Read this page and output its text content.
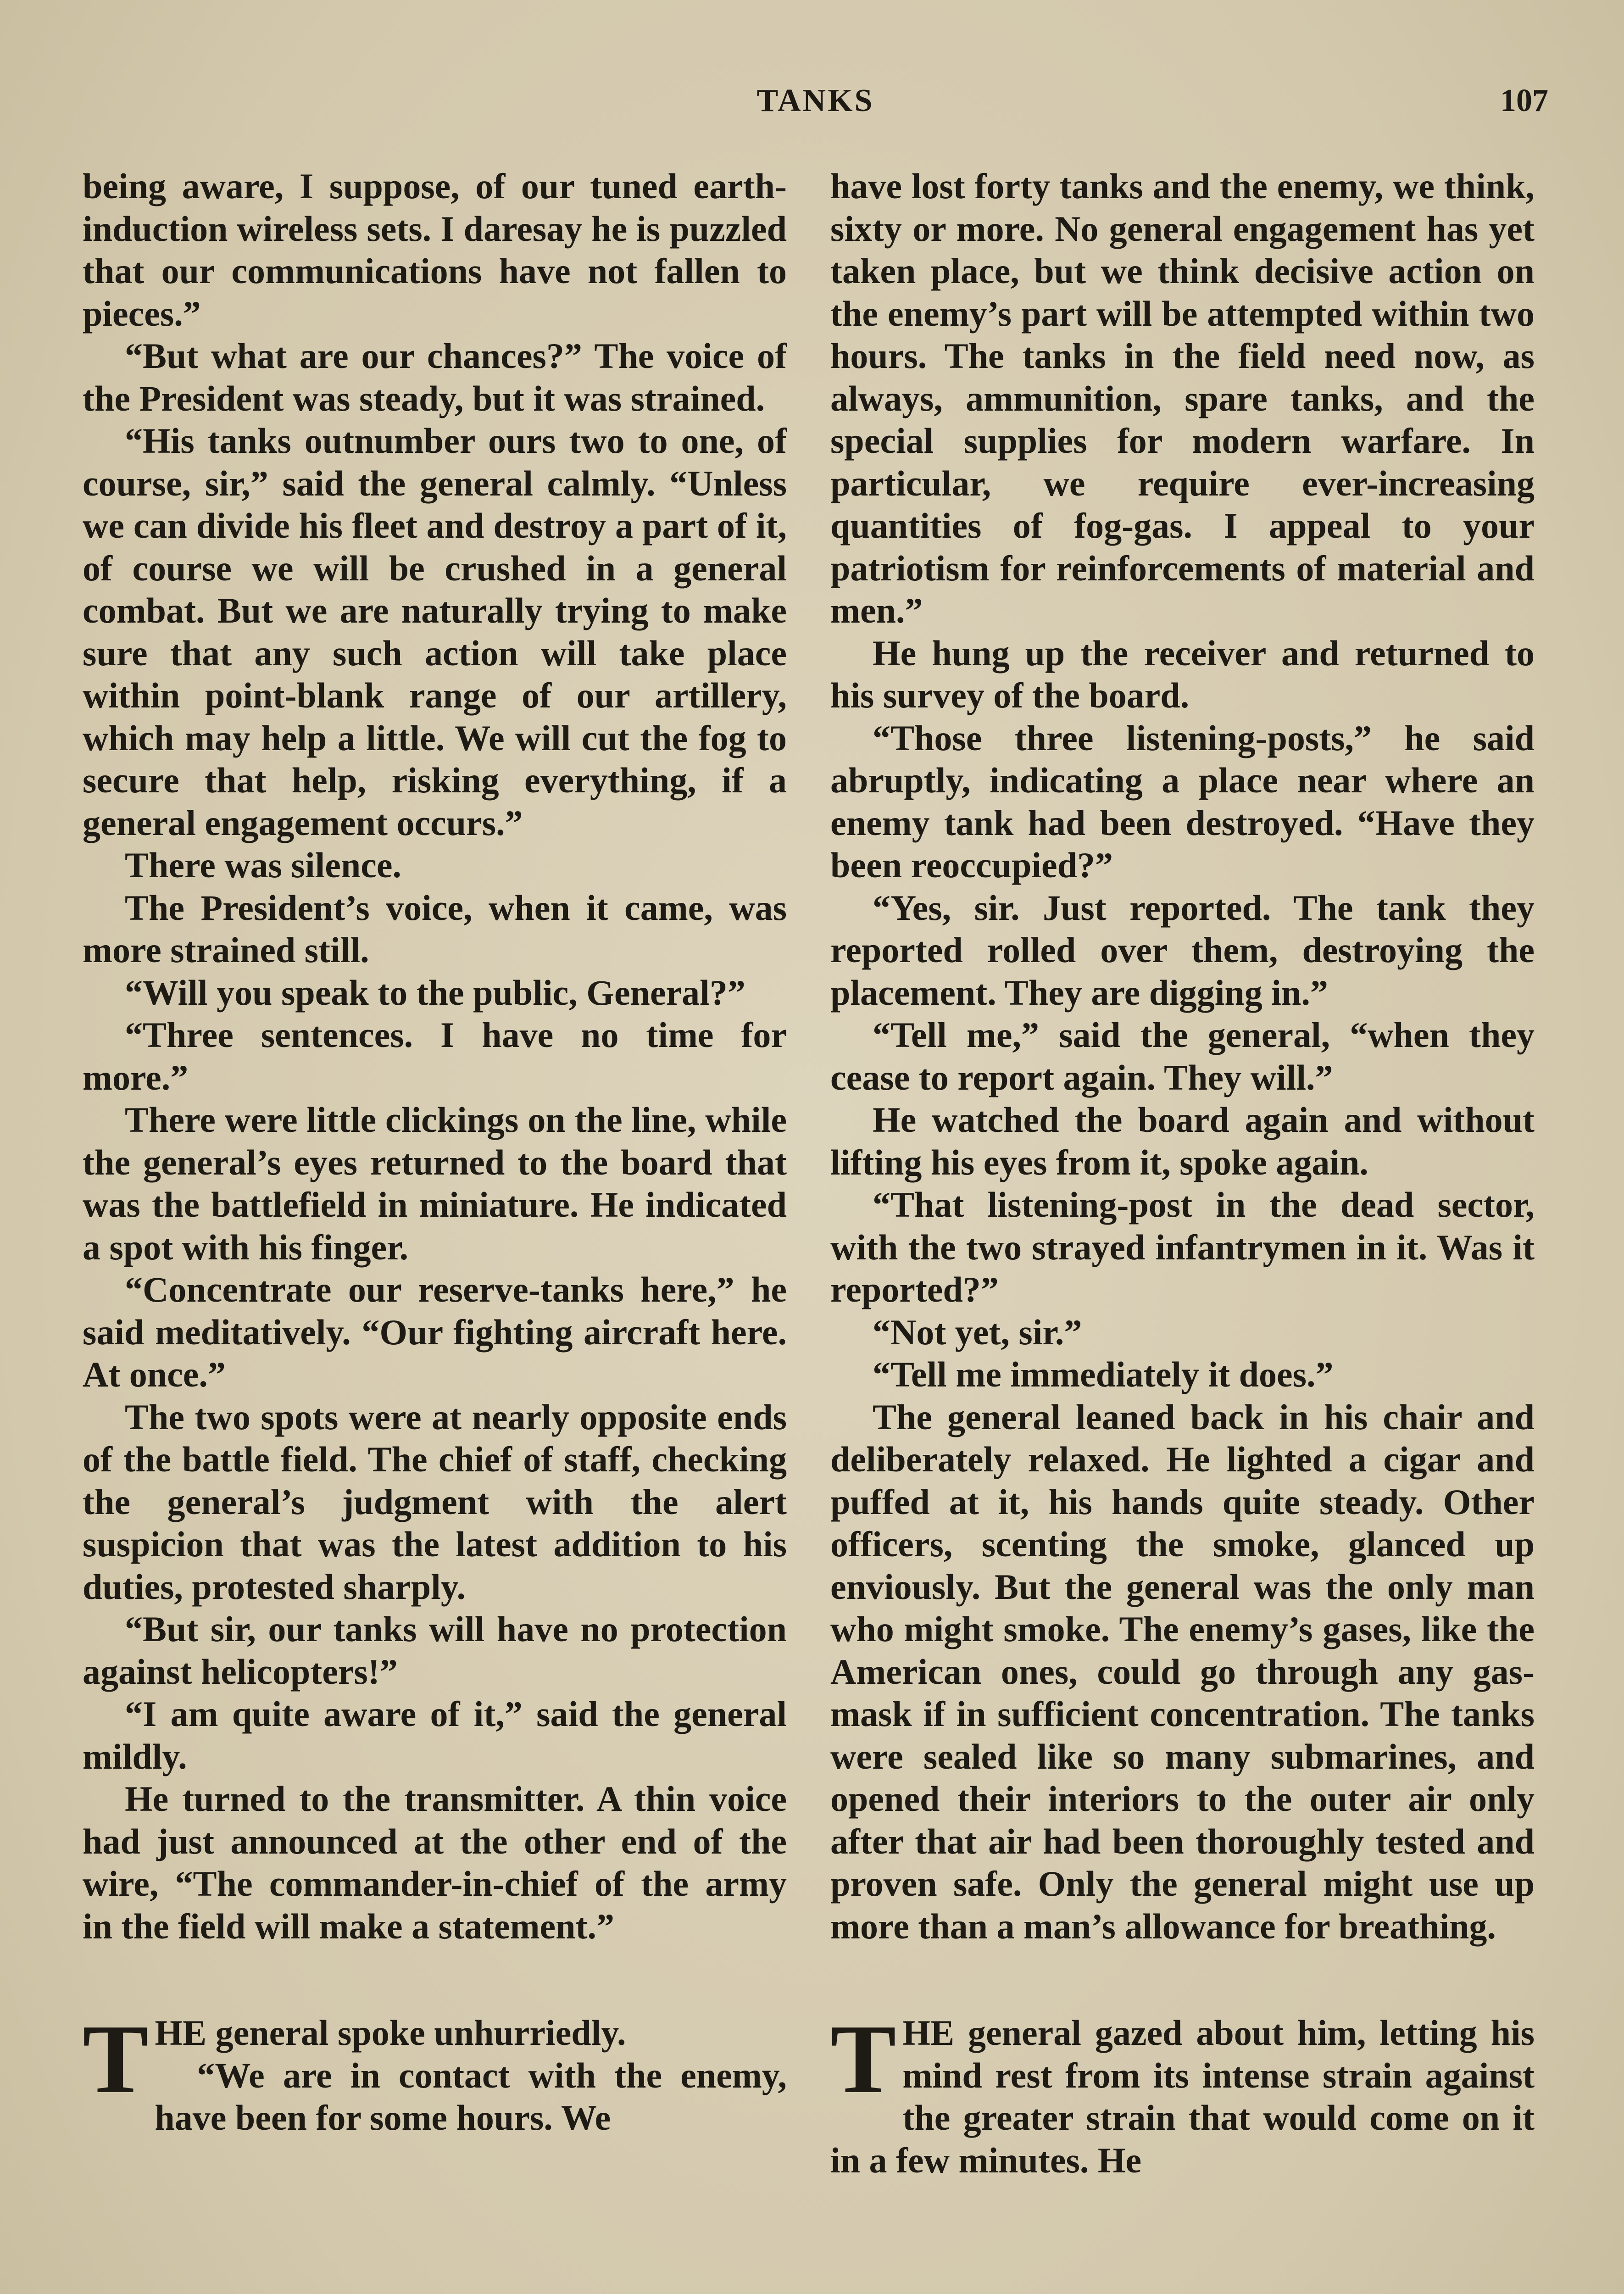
TANKS	107

being aware, I suppose, of our tuned earth-induction wireless sets. I daresay he is puzzled that our communications have not fallen to pieces.”

“But what are our chances?” The voice of the President was steady, but it was strained.

“His tanks outnumber ours two to one, of course, sir,” said the general calmly. “Unless we can divide his fleet and destroy a part of it, of course we will be crushed in a general combat. But we are naturally trying to make sure that any such action will take place within point-blank range of our artillery, which may help a little. We will cut the fog to secure that help, risking everything, if a general engagement occurs.”

There was silence.

The President’s voice, when it came, was more strained still.

“Will you speak to the public, General?”

“Three sentences. I have no time for more.”

There were little clickings on the line, while the general’s eyes returned to the board that was the battlefield in miniature. He indicated a spot with his finger.

“Concentrate our reserve-tanks here,” he said meditatively. “Our fighting aircraft here. At once.”

The two spots were at nearly opposite ends of the battle field. The chief of staff, checking the general’s judgment with the alert suspicion that was the latest addition to his duties, protested sharply.

“But sir, our tanks will have no protection against helicopters!”

“I am quite aware of it,” said the general mildly.

He turned to the transmitter. A thin voice had just announced at the other end of the wire, “The commander-in-chief of the army in the field will make a statement.”

THE general spoke unhurriedly.

“We are in contact with the enemy, have been for some hours. We

have lost forty tanks and the enemy, we think, sixty or more. No general engagement has yet taken place, but we think decisive action on the enemy’s part will be attempted within two hours. The tanks in the field need now, as always, ammunition, spare tanks, and the special supplies for modern warfare. In particular, we require ever-increasing quantities of fog-gas. I appeal to your patriotism for reinforcements of material and men.”

He hung up the receiver and returned to his survey of the board.

“Those three listening-posts,” he said abruptly, indicating a place near where an enemy tank had been destroyed. “Have they been reoccupied?”

“Yes, sir. Just reported. The tank they reported rolled over them, destroying the placement. They are digging in.”

“Tell me,” said the general, “when they cease to report again. They will.”

He watched the board again and without lifting his eyes from it, spoke again.

“That listening-post in the dead sector, with the two strayed infantrymen in it. Was it reported?”

“Not yet, sir.”

“Tell me immediately it does.”

The general leaned back in his chair and deliberately relaxed. He lighted a cigar and puffed at it, his hands quite steady. Other officers, scenting the smoke, glanced up enviously. But the general was the only man who might smoke. The enemy’s gases, like the American ones, could go through any gas-mask if in sufficient concentration. The tanks were sealed like so many submarines, and opened their interiors to the outer air only after that air had been thoroughly tested and proven safe. Only the general might use up more than a man’s allowance for breathing.

THE general gazed about him, letting his mind rest from its intense strain against the greater strain that would come on it in a few minutes. He
